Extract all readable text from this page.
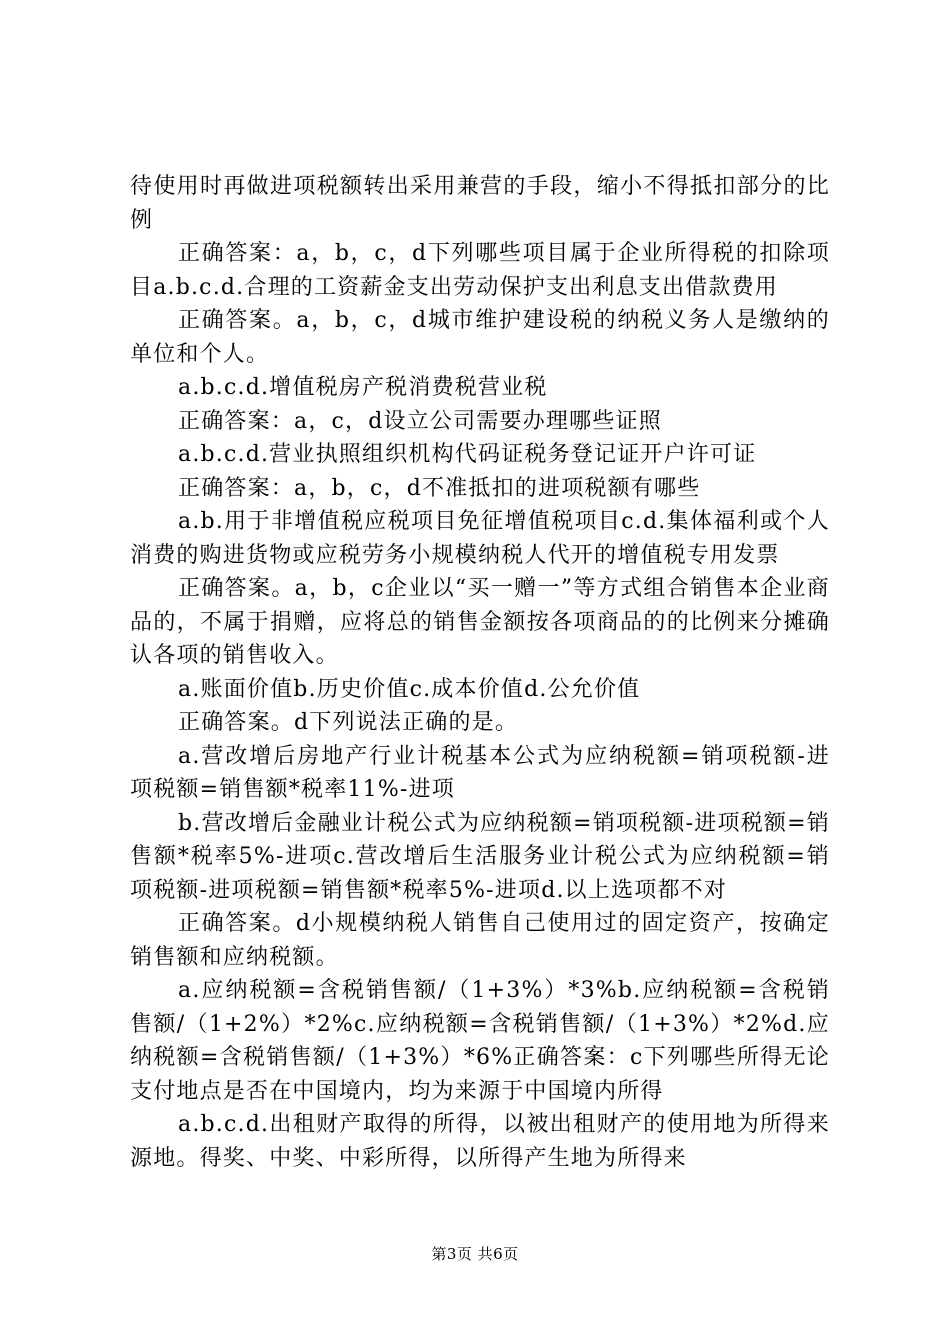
待使用时再做进项税额转出采用兼营的手段，缩小不得抵扣部分的比例

正确答案：a，b，c，d下列哪些项目属于企业所得税的扣除项目a.b.c.d.合理的工资薪金支出劳动保护支出利息支出借款费用

正确答案。a，b，c，d城市维护建设税的纳税义务人是缴纳的单位和个人。

a.b.c.d.增值税房产税消费税营业税

正确答案：a，c，d设立公司需要办理哪些证照

a.b.c.d.营业执照组织机构代码证税务登记证开户许可证

正确答案：a，b，c，d不准抵扣的进项税额有哪些

a.b.用于非增值税应税项目免征增值税项目c.d.集体福利或个人消费的购进货物或应税劳务小规模纳税人代开的增值税专用发票

正确答案。a，b，c企业以“买一赠一”等方式组合销售本企业商品的，不属于捐赠，应将总的销售金额按各项商品的的比例来分摊确认各项的销售收入。

a.账面价值b.历史价值c.成本价值d.公允价值

正确答案。d下列说法正确的是。

a.营改增后房地产行业计税基本公式为应纳税额=销项税额-进项税额=销售额*税率11%-进项

b.营改增后金融业计税公式为应纳税额=销项税额-进项税额=销售额*税率5%-进项c.营改增后生活服务业计税公式为应纳税额=销项税额-进项税额=销售额*税率5%-进项d.以上选项都不对

正确答案。d小规模纳税人销售自己使用过的固定资产，按确定销售额和应纳税额。

a.应纳税额=含税销售额/（1+3%）*3%b.应纳税额=含税销售额/（1+2%）*2%c.应纳税额=含税销售额/（1+3%）*2%d.应纳税额=含税销售额/（1+3%）*6%正确答案：c下列哪些所得无论支付地点是否在中国境内，均为来源于中国境内所得

a.b.c.d.出租财产取得的所得，以被出租财产的使用地为所得来源地。得奖、中奖、中彩所得，以所得产生地为所得来

第3页 共6页
